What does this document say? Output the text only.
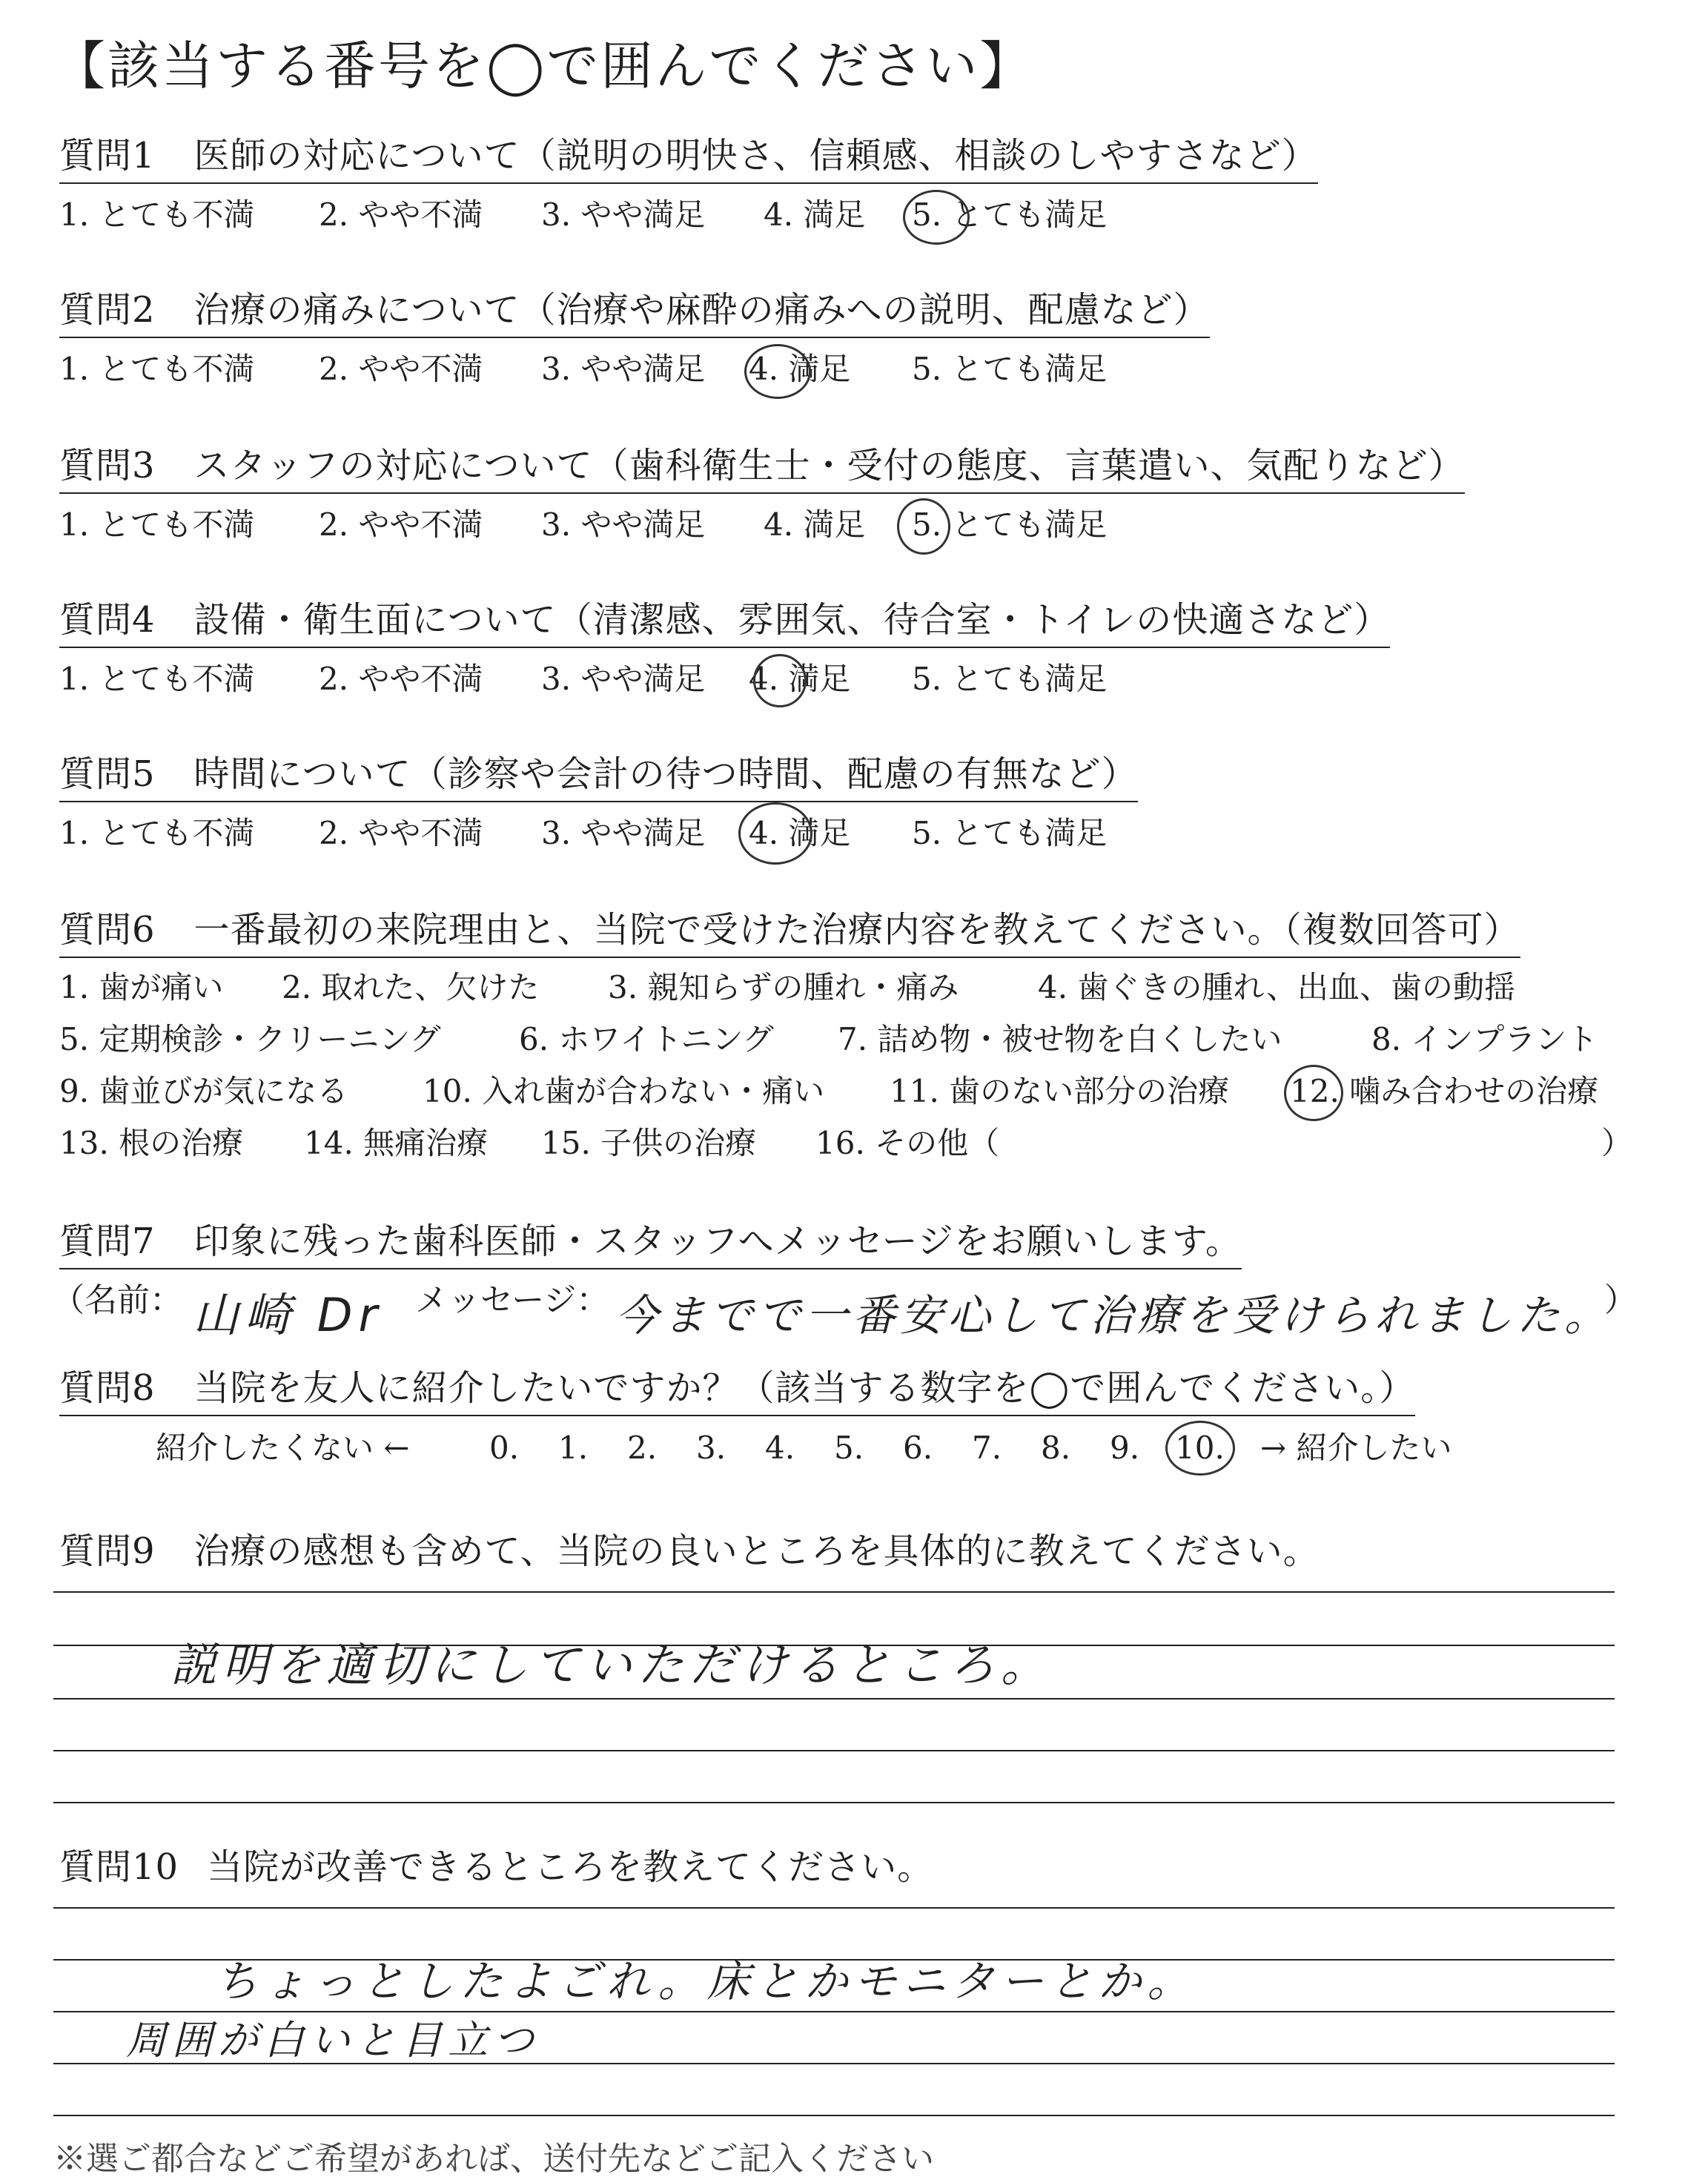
【該当する番号を◯で囲んでください】
質問1 医師の対応について（説明の明快さ、信頼感、相談のしやすさなど）
1. とても不満 2. やや不満 3. やや満足 4. 満足 5. とても満足
質問2 治療の痛みについて（治療や麻酔の痛みへの説明、配慮など）
1. とても不満 2. やや不満 3. やや満足 4. 満足 5. とても満足
質問3 スタッフの対応について（歯科衛生士・受付の態度、言葉遣い、気配りなど）
1. とても不満 2. やや不満 3. やや満足 4. 満足 5. とても満足
質問4 設備・衛生面について（清潔感、雰囲気、待合室・トイレの快適さなど）
1. とても不満 2. やや不満 3. やや満足 4. 満足 5. とても満足
質問5 時間について（診察や会計の待つ時間、配慮の有無など）
1. とても不満 2. やや不満 3. やや満足 4. 満足 5. とても満足
質問6 一番最初の来院理由と、当院で受けた治療内容を教えてください。（複数回答可）
1. 歯が痛い 2. 取れた、欠けた 3. 親知らずの腫れ・痛み	4. 歯ぐきの腫れ、出血、歯の動揺
5. 定期検診・クリーニング	6. ホワイトニング 7. 詰め物・被せ物を白くしたい	8. インプラント
9. 歯並びが気になる 10. 入れ歯が合わない・痛い 11. 歯のない部分の治療 12. 噛み合わせの治療
13. 根の治療 14. 無痛治療 15. 子供の治療 16. その他（	）
質問7 印象に残った歯科医師・スタッフへメッセージをお願いします。
（名前： 山崎 Dr メッセージ： 今までで一番安心して治療を受けられました。
）
質問8 当院を友人に紹介したいですか？（該当する数字を◯で囲んでください。）
紹介したくない ←	0. 1. 2. 3. 4. 5. 6. 7. 8. 9. 10. → 紹介したい
質問9 治療の感想も含めて、当院の良いところを具体的に教えてください。
説明を適切にしていただけるところ。
質問10 当院が改善できるところを教えてください。
ちょっとしたよごれ。床とかモニターとか。
周囲が白いと目立つ
※選ご都合などご希望があれば、送付先などご記入ください
